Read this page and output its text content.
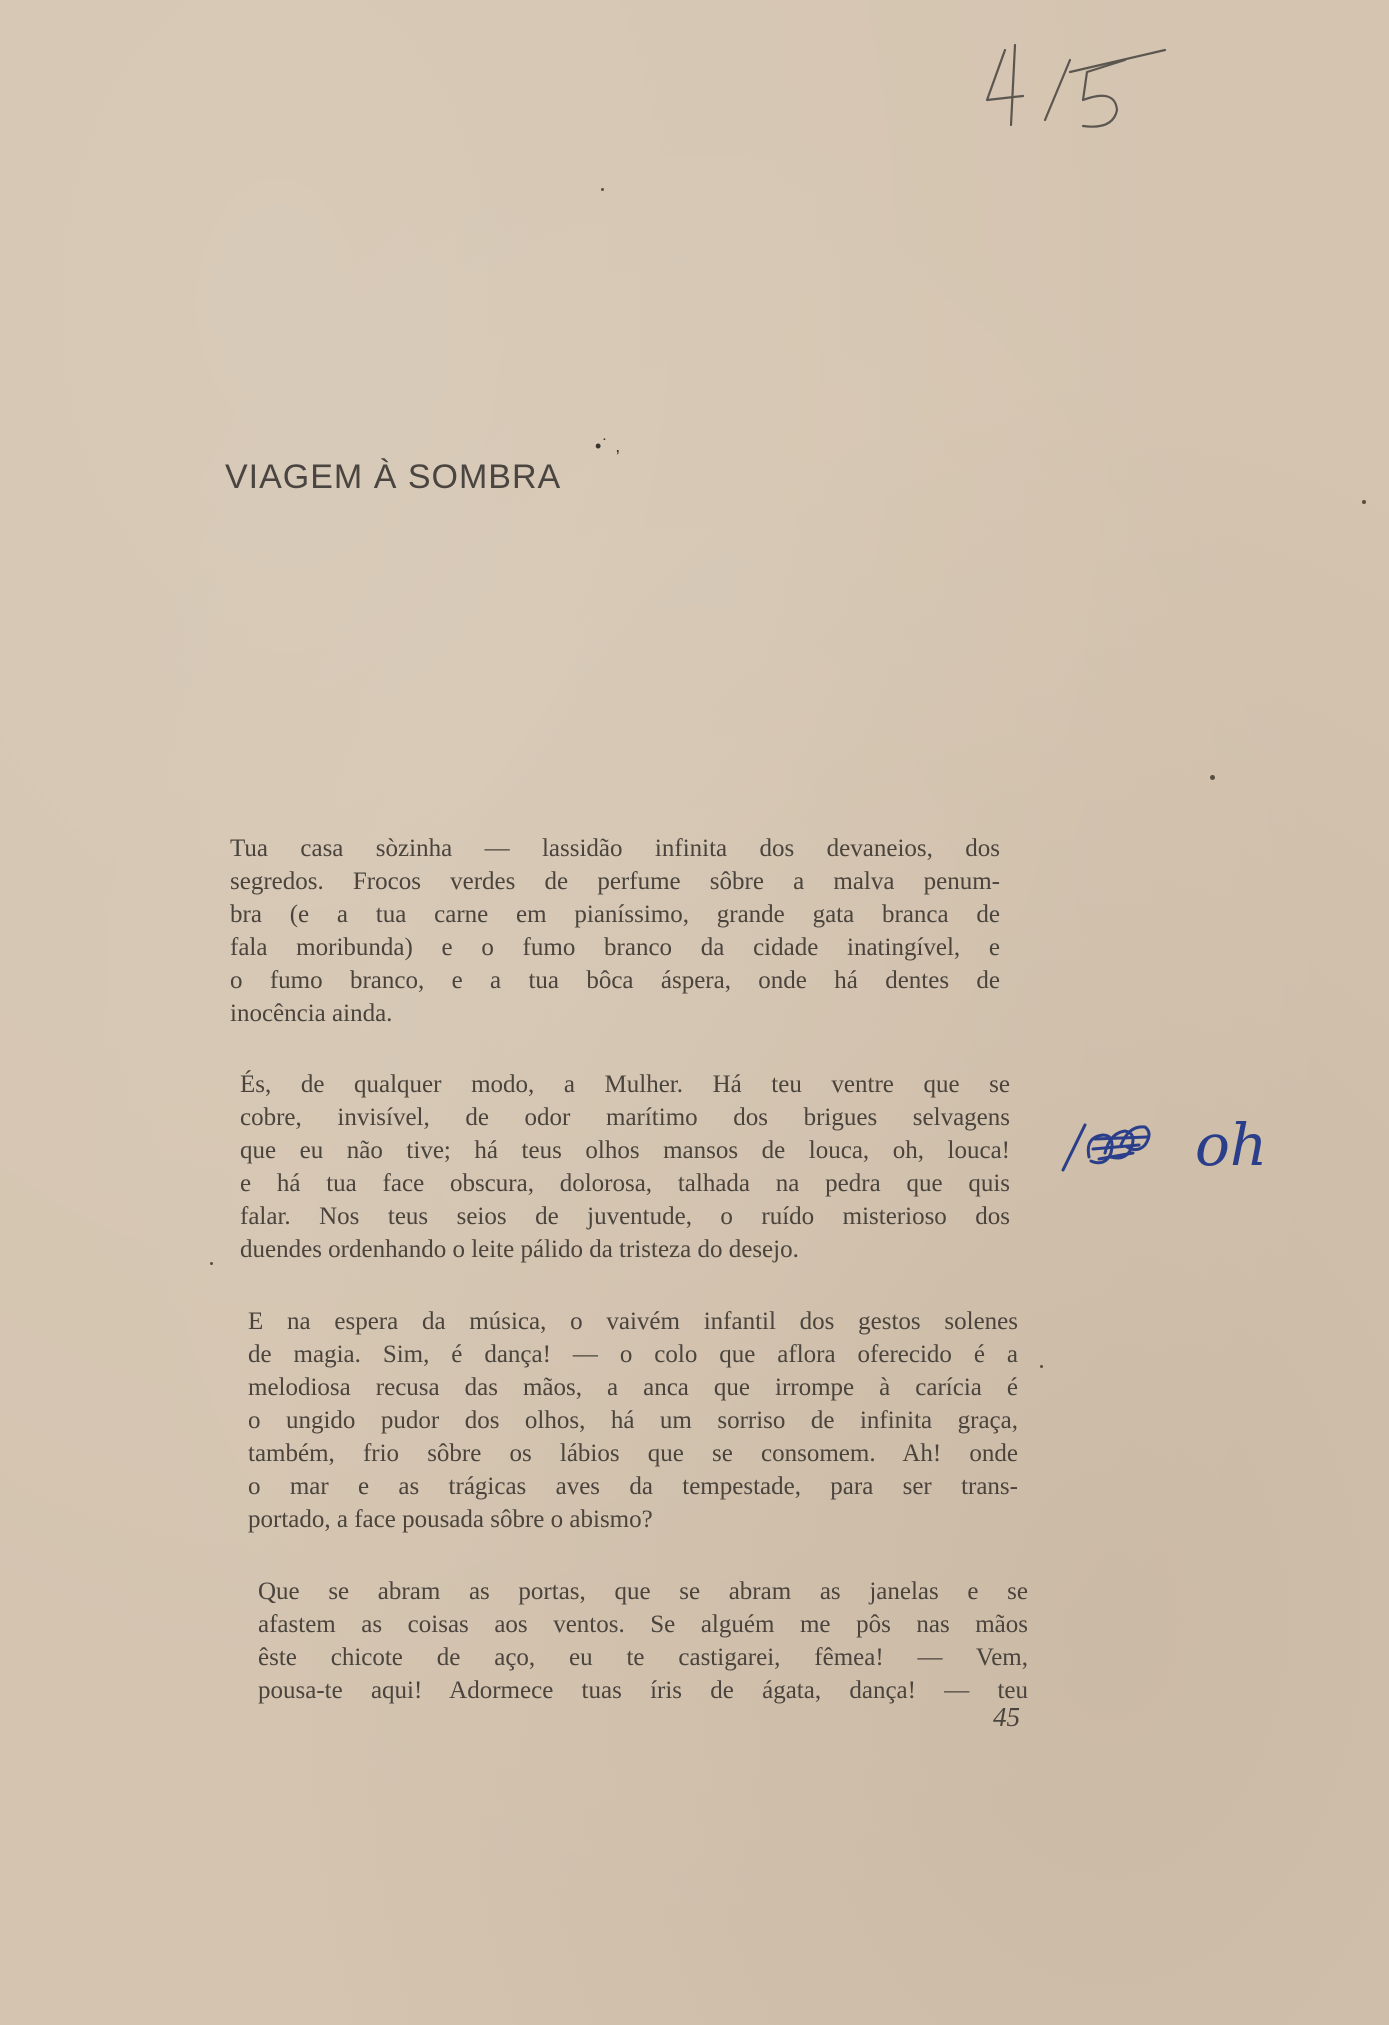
45
VIAGEM À SOMBRA
•˙ ,
Tua casa sòzinha — lassidão infinita dos devaneios, dos
segredos. Frocos verdes de perfume sôbre a malva penum-
bra (e a tua carne em pianíssimo, grande gata branca de
fala moribunda) e o fumo branco da cidade inatingível, e
o fumo branco, e a tua bôca áspera, onde há dentes de
inocência ainda.
És, de qualquer modo, a Mulher. Há teu ventre que se
cobre, invisível, de odor marítimo dos brigues selvagens
que eu não tive; há teus olhos mansos de louca, oh, louca!
e há tua face obscura, dolorosa, talhada na pedra que quis
falar. Nos teus seios de juventude, o ruído misterioso dos
duendes ordenhando o leite pálido da tristeza do desejo.
E na espera da música, o vaivém infantil dos gestos solenes
de magia. Sim, é dança! — o colo que aflora oferecido é a
melodiosa recusa das mãos, a anca que irrompe à carícia é
o ungido pudor dos olhos, há um sorriso de infinita graça,
também, frio sôbre os lábios que se consomem. Ah! onde
o mar e as trágicas aves da tempestade, para ser trans-
portado, a face pousada sôbre o abismo?
Que se abram as portas, que se abram as janelas e se
afastem as coisas aos ventos. Se alguém me pôs nas mãos
êste chicote de aço, eu te castigarei, fêmea! — Vem,
pousa-te aqui! Adormece tuas íris de ágata, dança! — teu
45
oh
